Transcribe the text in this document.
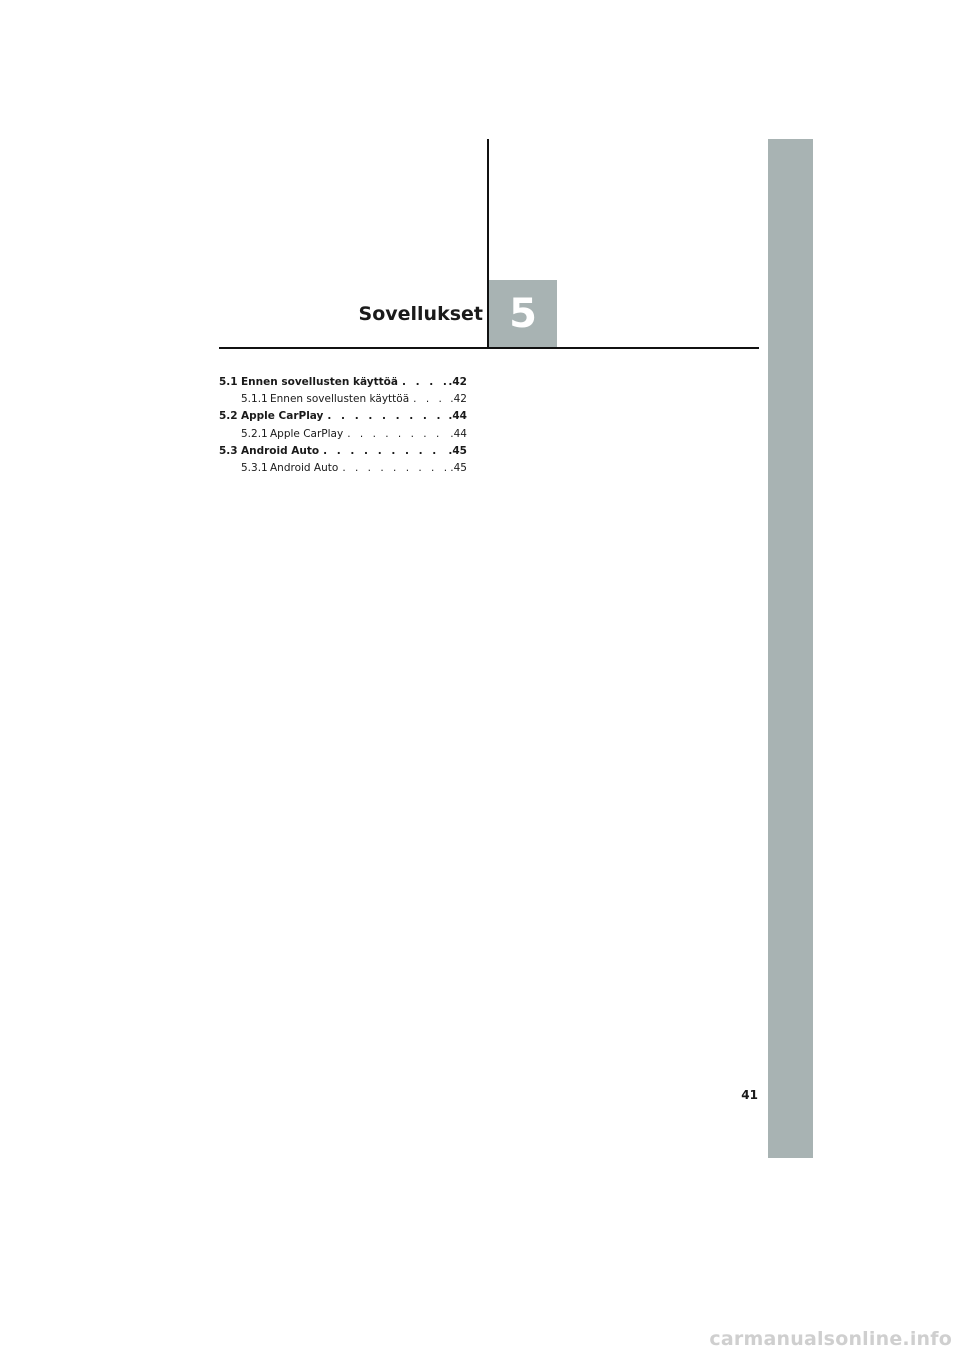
Sovellukset 5
5.1 Ennen sovellusten käyttöä . . .	.42
5.1.1 Ennen sovellusten käyttöä . . .	.42
5.2 Apple CarPlay . . .	.44
5.2.1 Apple CarPlay . . .	.44
5.3 Android Auto . . .	.45
5.3.1 Android Auto . . .	.45
41
carmanualsonline.info
